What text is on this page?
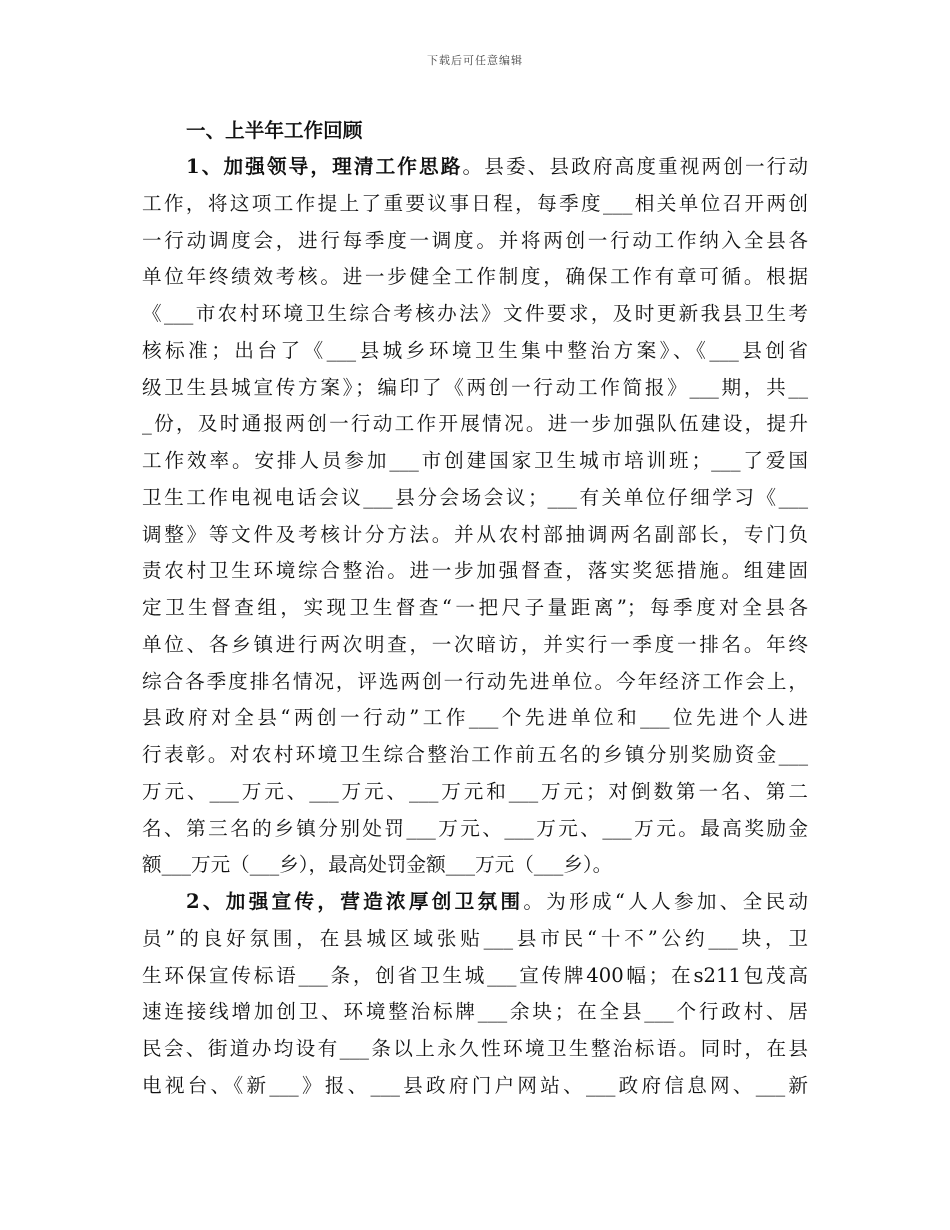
下载后可任意编辑
一、上半年工作回顾
1、加强领导，理清工作思路。县委、县政府高度重视两创一行动
工作，将这项工作提上了重要议事日程，每季度___相关单位召开两创
一行动调度会，进行每季度一调度。并将两创一行动工作纳入全县各
单位年终绩效考核。进一步健全工作制度，确保工作有章可循。根据
《___市农村环境卫生综合考核办法》文件要求，及时更新我县卫生考
核标准；出台了《___县城乡环境卫生集中整治方案》、《___县创省
级卫生县城宣传方案》；编印了《两创一行动工作简报》___期，共__
_份，及时通报两创一行动工作开展情况。进一步加强队伍建设，提升
工作效率。安排人员参加___市创建国家卫生城市培训班；___了爱国
卫生工作电视电话会议___县分会场会议；___有关单位仔细学习《___
调整》等文件及考核计分方法。并从农村部抽调两名副部长，专门负
责农村卫生环境综合整治。进一步加强督查，落实奖惩措施。组建固
定卫生督查组，实现卫生督查“一把尺子量距离”；每季度对全县各
单位、各乡镇进行两次明查，一次暗访，并实行一季度一排名。年终
综合各季度排名情况，评选两创一行动先进单位。今年经济工作会上，
县政府对全县“两创一行动”工作___个先进单位和___位先进个人进
行表彰。对农村环境卫生综合整治工作前五名的乡镇分别奖励资金___
万元、___万元、___万元、___万元和___万元；对倒数第一名、第二
名、第三名的乡镇分别处罚___万元、___万元、___万元。最高奖励金
额___万元（___乡），最高处罚金额___万元（___乡）。
2、加强宣传，营造浓厚创卫氛围。为形成“人人参加、全民动
员”的良好氛围，在县城区域张贴___县市民“十不”公约___块，卫
生环保宣传标语___条，创省卫生城___宣传牌400幅；在s211包茂高
速连接线增加创卫、环境整治标牌___余块；在全县___个行政村、居
民会、街道办均设有___条以上永久性环境卫生整治标语。同时，在县
电视台、《新___》报、___县政府门户网站、___政府信息网、___新
